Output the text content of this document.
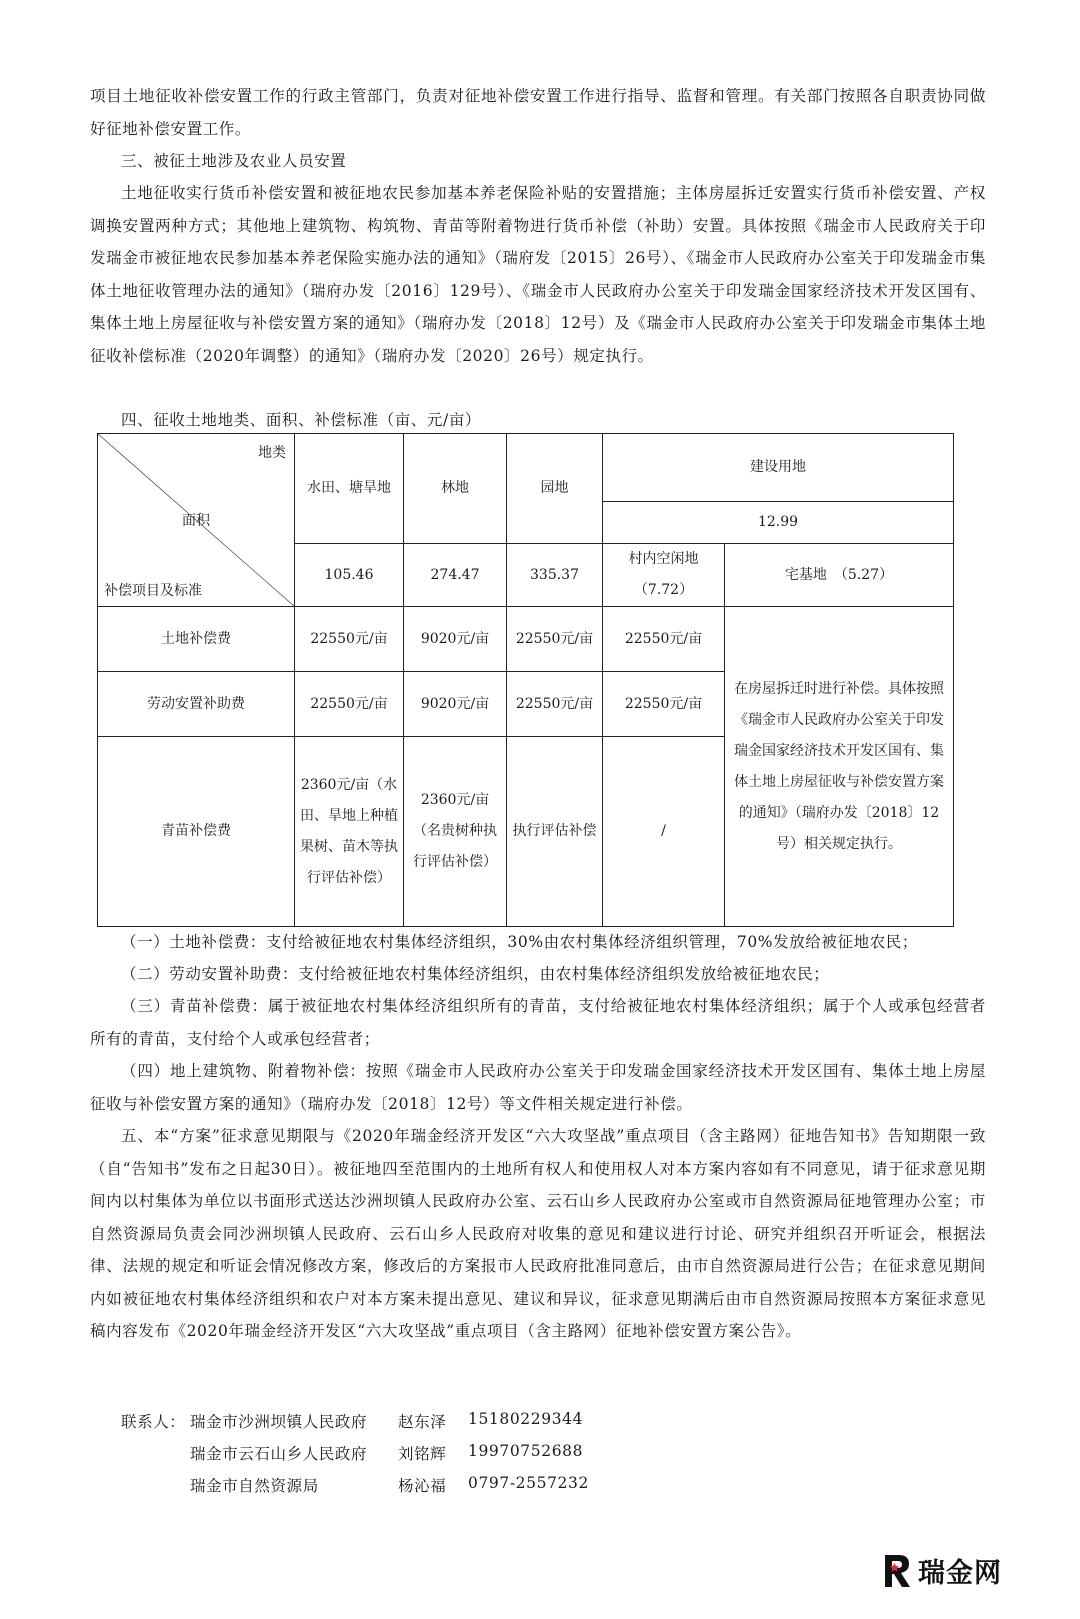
项目土地征收补偿安置工作的行政主管部门，负责对征地补偿安置工作进行指导、监督和管理。有关部门按照各自职责协同做好征地补偿安置工作。

三、被征土地涉及农业人员安置

土地征收实行货币补偿安置和被征地农民参加基本养老保险补贴的安置措施；主体房屋拆迁安置实行货币补偿安置、产权调换安置两种方式；其他地上建筑物、构筑物、青苗等附着物进行货币补偿（补助）安置。具体按照《瑞金市人民政府关于印发瑞金市被征地农民参加基本养老保险实施办法的通知》（瑞府发〔2015〕26号）、《瑞金市人民政府办公室关于印发瑞金市集体土地征收管理办法的通知》（瑞府办发〔2016〕129号）、《瑞金市人民政府办公室关于印发瑞金国家经济技术开发区国有、集体土地上房屋征收与补偿安置方案的通知》（瑞府办发〔2018〕12号）及《瑞金市人民政府办公室关于印发瑞金市集体土地征收补偿标准（2020年调整）的通知》（瑞府办发〔2020〕26号）规定执行。

四、征收土地地类、面积、补偿标准（亩、元/亩）

地类
面积
补偿项目及标准	水田、塘旱地	林地	园地	建设用地	
				12.99	
	105.46	274.47	335.37	村内空闲地（7.72）	宅基地　（5.27）
土地补偿费	22550元/亩	9020元/亩	22550元/亩	22550元/亩	在房屋拆迁时进行补偿。具体按照《瑞金市人民政府办公室关于印发瑞金国家经济技术开发区国有、集体土地上房屋征收与补偿安置方案的通知》（瑞府办发〔2018〕12号）相关规定执行。
劳动安置补助费	22550元/亩	9020元/亩	22550元/亩	22550元/亩	
青苗补偿费	2360元/亩（水田、旱地上种植果树、苗木等执行评估补偿）	2360元/亩（名贵树种执行评估补偿）	执行评估补偿	/	

（一）土地补偿费：支付给被征地农村集体经济组织，30%由农村集体经济组织管理，70%发放给被征地农民；

（二）劳动安置补助费：支付给被征地农村集体经济组织，由农村集体经济组织发放给被征地农民；

（三）青苗补偿费：属于被征地农村集体经济组织所有的青苗，支付给被征地农村集体经济组织；属于个人或承包经营者所有的青苗，支付给个人或承包经营者；

（四）地上建筑物、附着物补偿：按照《瑞金市人民政府办公室关于印发瑞金国家经济技术开发区国有、集体土地上房屋征收与补偿安置方案的通知》（瑞府办发〔2018〕12号）等文件相关规定进行补偿。

五、本“方案”征求意见期限与《2020年瑞金经济开发区“六大攻坚战”重点项目（含主路网）征地告知书》告知期限一致（自“告知书”发布之日起30日）。被征地四至范围内的土地所有权人和使用权人对本方案内容如有不同意见，请于征求意见期间内以村集体为单位以书面形式送达沙洲坝镇人民政府办公室、云石山乡人民政府办公室或市自然资源局征地管理办公室；市自然资源局负责会同沙洲坝镇人民政府、云石山乡人民政府对收集的意见和建议进行讨论、研究并组织召开听证会，根据法律、法规的规定和听证会情况修改方案，修改后的方案报市人民政府批准同意后，由市自然资源局进行公告；在征求意见期间内如被征地农村集体经济组织和农户对本方案未提出意见、建议和异议，征求意见期满后由市自然资源局按照本方案征求意见稿内容发布《2020年瑞金经济开发区“六大攻坚战”重点项目（含主路网）征地补偿安置方案公告》。

联系人： 瑞金市沙洲坝镇人民政府 赵东泽 15180229344
瑞金市云石山乡人民政府 刘铭辉 19970752688
瑞金市自然资源局	杨沁福 0797-2557232
瑞金网
